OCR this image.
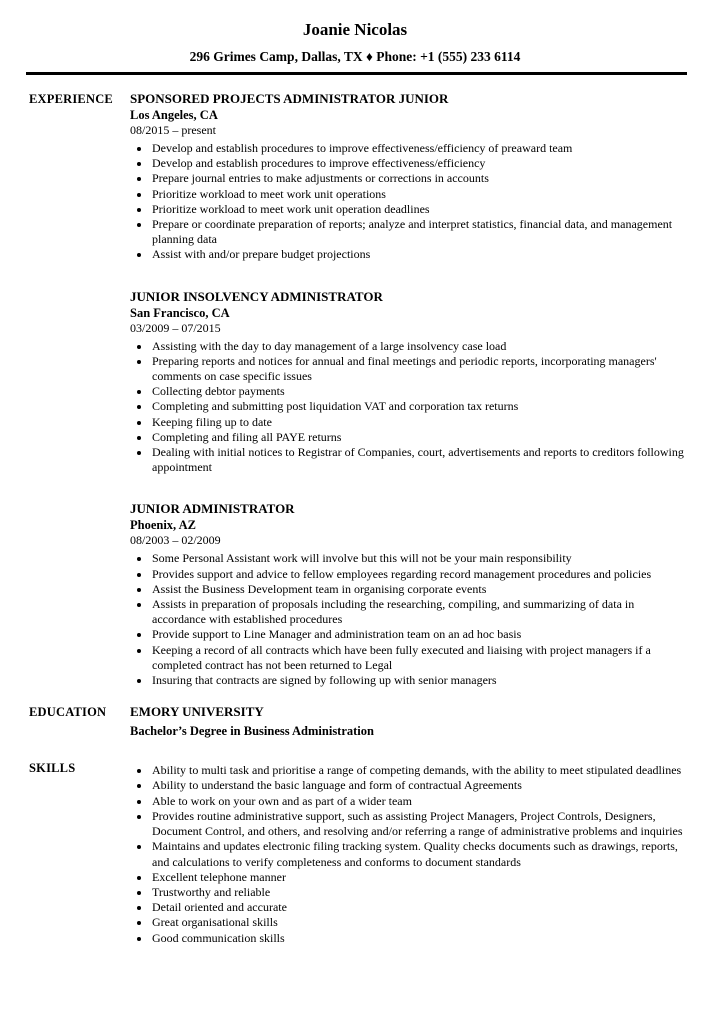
Joanie Nicolas
296 Grimes Camp, Dallas, TX ♦ Phone: +1 (555) 233 6114
EXPERIENCE	SPONSORED PROJECTS ADMINISTRATOR JUNIOR
Los Angeles, CA
08/2015 – present
• Develop and establish procedures to improve effectiveness/efficiency of preaward team
• Develop and establish procedures to improve effectiveness/efficiency
• Prepare journal entries to make adjustments or corrections in accounts
• Prioritize workload to meet work unit operations
• Prioritize workload to meet work unit operation deadlines
• Prepare or coordinate preparation of reports; analyze and interpret statistics, financial data, and management planning data
• Assist with and/or prepare budget projections
JUNIOR INSOLVENCY ADMINISTRATOR
San Francisco, CA
03/2009 – 07/2015
• Assisting with the day to day management of a large insolvency case load
• Preparing reports and notices for annual and final meetings and periodic reports, incorporating managers' comments on case specific issues
• Collecting debtor payments
• Completing and submitting post liquidation VAT and corporation tax returns
• Keeping filing up to date
• Completing and filing all PAYE returns
• Dealing with initial notices to Registrar of Companies, court, advertisements and reports to creditors following appointment
JUNIOR ADMINISTRATOR
Phoenix, AZ
08/2003 – 02/2009
• Some Personal Assistant work will involve but this will not be your main responsibility
• Provides support and advice to fellow employees regarding record management procedures and policies
• Assist the Business Development team in organising corporate events
• Assists in preparation of proposals including the researching, compiling, and summarizing of data in accordance with established procedures
• Provide support to Line Manager and administration team on an ad hoc basis
• Keeping a record of all contracts which have been fully executed and liaising with project managers if a completed contract has not been returned to Legal
• Insuring that contracts are signed by following up with senior managers
EDUCATION	EMORY UNIVERSITY
Bachelor’s Degree in Business Administration
SKILLS	• Ability to multi task and prioritise a range of competing demands, with the ability to meet stipulated deadlines
• Ability to understand the basic language and form of contractual Agreements
• Able to work on your own and as part of a wider team
• Provides routine administrative support, such as assisting Project Managers, Project Controls, Designers, Document Control, and others, and resolving and/or referring a range of administrative problems and inquiries
• Maintains and updates electronic filing tracking system. Quality checks documents such as drawings, reports, and calculations to verify completeness and conforms to document standards
• Excellent telephone manner
• Trustworthy and reliable
• Detail oriented and accurate
• Great organisational skills
• Good communication skills
